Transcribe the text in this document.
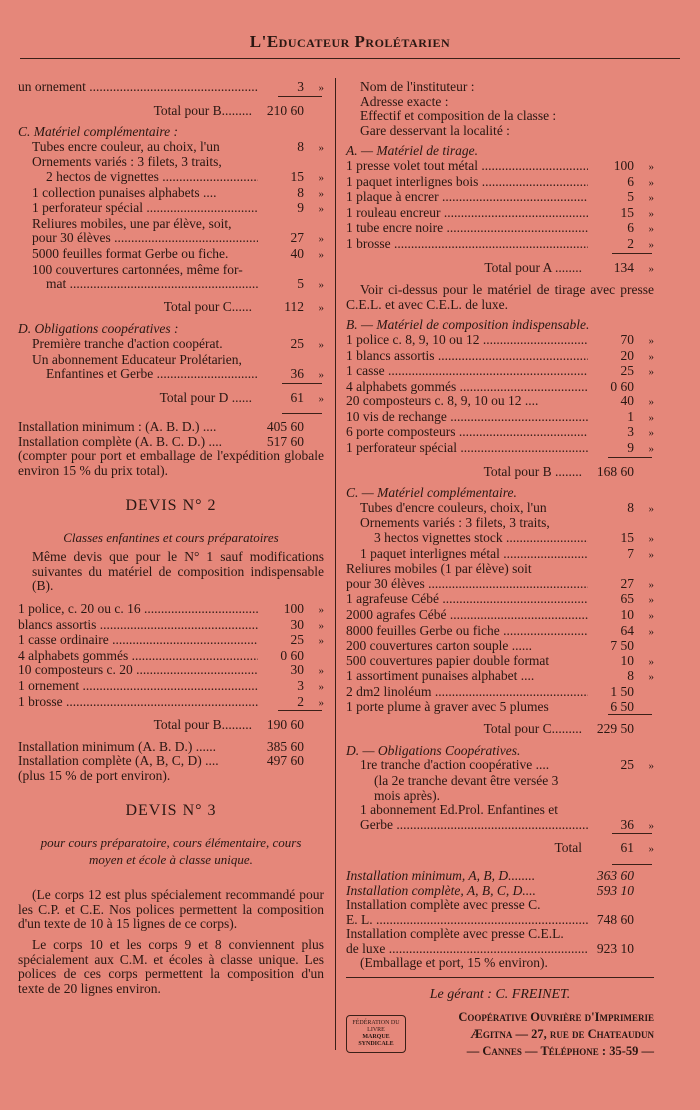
L'Educateur Prolétarien
un ornement .....	3	»
Total pour B.........	210 60
C. Matériel complémentaire :
Tubes encre couleur, au choix, l'un	8	»
Ornements variés : 3 filets, 3 traits,
2 hectos de vignettes .....	15	»
1 collection punaises alphabets ....	8	»
1 perforateur spécial .....	9	»
Reliures mobiles, une par élève, soit,
pour 30 élèves .....	27	»
5000 feuilles format Gerbe ou fiche.	40	»
100 couvertures cartonnées, même for-
mat .....	5	»
Total pour C......	112	»
D. Obligations coopératives :
Première tranche d'action coopérat.	25	»
Un abonnement Educateur Prolétarien,
Enfantines et Gerbe .....	36	»
Total pour D ......	61	»
Installation minimum : (A. B. D.) ....	405 60
Installation complète (A. B. C. D.) ....	517 60
(compter pour port et emballage de l'expédition globale environ 15 % du prix total).
DEVIS N° 2
Classes enfantines et cours préparatoires
Même devis que pour le N° 1 sauf modifications suivantes du matériel de composition indispensable (B).
1 police, c. 20 ou c. 16 .....	100	»
blancs assortis .....	30	»
1 casse ordinaire .....	25	»
4 alphabets gommés .....	0 60
10 composteurs c. 20 .....	30	»
1 ornement .....	3	»
1 brosse .....	2	»
Total pour B.........	190 60
Installation minimum (A. B. D.) ......	385 60
Installation complète (A, B, C, D) ....	497 60
(plus 15 % de port environ).
DEVIS N° 3
pour cours préparatoire, cours élémentaire, cours moyen et école à classe unique.
(Le corps 12 est plus spécialement recommandé pour les C.P. et C.E. Nos polices permettent la composition d'un texte de 10 à 15 lignes de ce corps).
Le corps 10 et les corps 9 et 8 conviennent plus spécialement aux C.M. et écoles à classe unique. Les polices de ces corps permettent la composition d'un texte de 20 lignes environ.
Nom de l'instituteur :
Adresse exacte :
Effectif et composition de la classe :
Gare desservant la localité :
A. — Matériel de tirage.
1 presse volet tout métal .....	100	»
1 paquet interlignes bois .....	6	»
1 plaque à encrer .....	5	»
1 rouleau encreur .....	15	»
1 tube encre noire .....	6	»
1 brosse .....	2	»
Total pour A ........	134	»
Voir ci-dessus pour le matériel de tirage avec presse C.E.L. et avec C.E.L. de luxe.
B. — Matériel de composition indispensable.
1 police c. 8, 9, 10 ou 12 .....	70	»
1 blancs assortis .....	20	»
1 casse .....	25	»
4 alphabets gommés .....	0 60
20 composteurs c. 8, 9, 10 ou 12 ....	40	»
10 vis de rechange .....	1	»
6 porte composteurs .....	3	»
1 perforateur spécial .....	9	»
Total pour B ........	168 60
C. — Matériel complémentaire.
Tubes d'encre couleurs, choix, l'un	8	»
Ornements variés : 3 filets, 3 traits,
3 hectos vignettes stock .....	15	»
1 paquet interlignes métal .....	7	»
Reliures mobiles (1 par élève) soit
pour 30 élèves .....	27	»
1 agrafeuse Cébé .....	65	»
2000 agrafes Cébé .....	10	»
8000 feuilles Gerbe ou fiche .....	64	»
200 couvertures carton souple ......	7 50
500 couvertures papier double format	10	»
1 assortiment punaises alphabet ....	8	»
2 dm2 linoléum .....	1 50
1 porte plume à graver avec 5 plumes	6 50
Total pour C.........	229 50
D. — Obligations Coopératives.
1re tranche d'action coopérative ....	25	»
(la 2e tranche devant être versée 3
mois après).
1 abonnement Ed.Prol. Enfantines et
Gerbe .....	36	»
Total	61	»
Installation minimum, A, B, D........	363 60
Installation complète, A, B, C, D....	593 10
Installation complète avec presse C.
E. L. .....	748 60
Installation complète avec presse C.E.L.
de luxe .....	923 10
(Emballage et port, 15 % environ).
Le gérant : C. FREINET.
FÉDÉRATION DU LIVRE
MARQUE SYNDICALE
Coopérative Ouvrière d'Imprimerie
Ægitna — 27, rue de Chateaudun
— Cannes — Téléphone : 35-59 —
